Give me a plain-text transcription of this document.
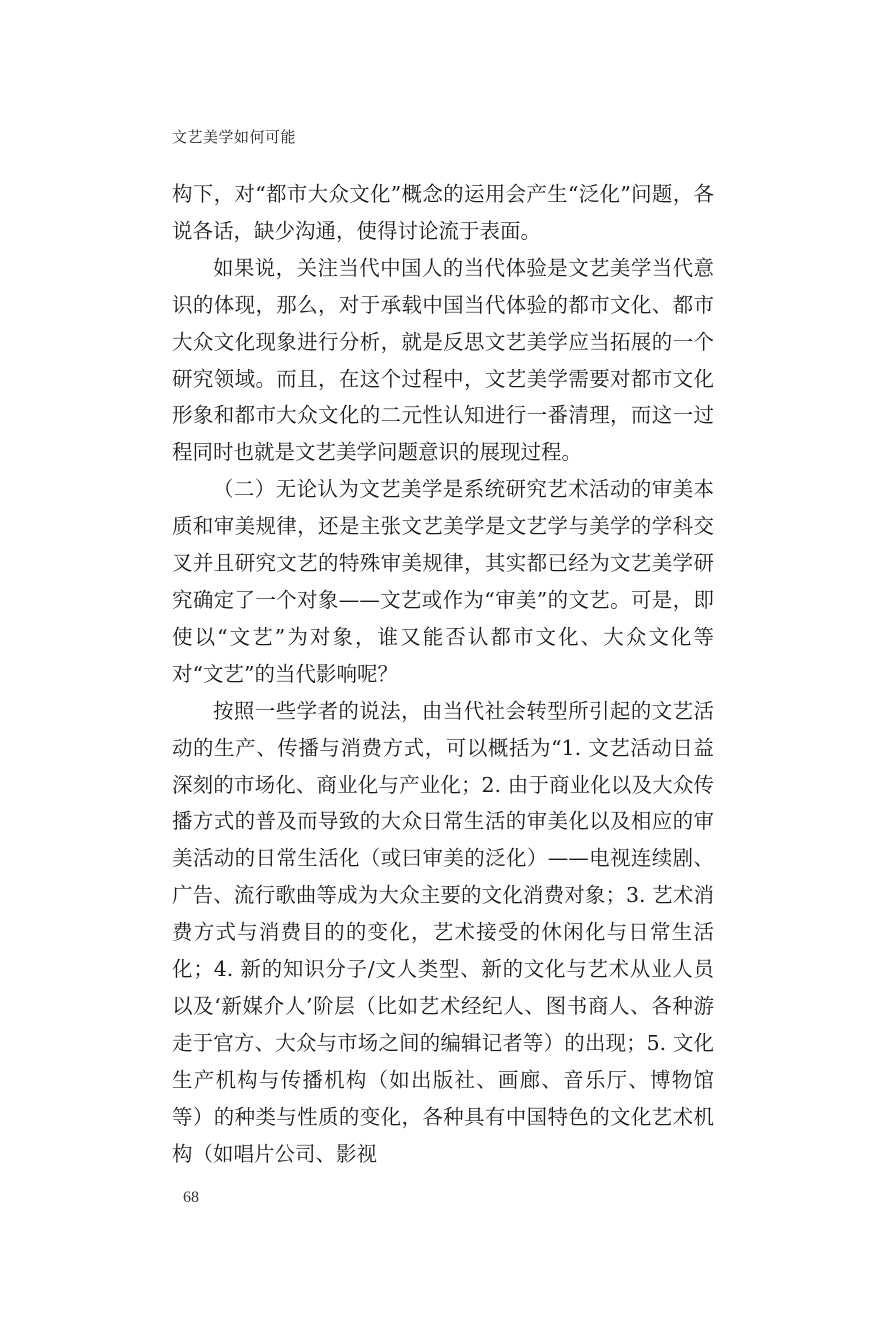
文艺美学如何可能

构下，对“都市大众文化”概念的运用会产生“泛化”问题，各说各话，缺少沟通，使得讨论流于表面。

如果说，关注当代中国人的当代体验是文艺美学当代意识的体现，那么，对于承载中国当代体验的都市文化、都市大众文化现象进行分析，就是反思文艺美学应当拓展的一个研究领域。而且，在这个过程中，文艺美学需要对都市文化形象和都市大众文化的二元性认知进行一番清理，而这一过程同时也就是文艺美学问题意识的展现过程。

（二）无论认为文艺美学是系统研究艺术活动的审美本质和审美规律，还是主张文艺美学是文艺学与美学的学科交叉并且研究文艺的特殊审美规律，其实都已经为文艺美学研究确定了一个对象——文艺或作为“审美”的文艺。可是，即使以“文艺”为对象，谁又能否认都市文化、大众文化等对“文艺”的当代影响呢？

按照一些学者的说法，由当代社会转型所引起的文艺活动的生产、传播与消费方式，可以概括为“1. 文艺活动日益深刻的市场化、商业化与产业化；2. 由于商业化以及大众传播方式的普及而导致的大众日常生活的审美化以及相应的审美活动的日常生活化（或曰审美的泛化）——电视连续剧、广告、流行歌曲等成为大众主要的文化消费对象；3. 艺术消费方式与消费目的的变化，艺术接受的休闲化与日常生活化；4. 新的知识分子/文人类型、新的文化与艺术从业人员以及‘新媒介人’阶层（比如艺术经纪人、图书商人、各种游走于官方、大众与市场之间的编辑记者等）的出现；5. 文化生产机构与传播机构（如出版社、画廊、音乐厅、博物馆等）的种类与性质的变化，各种具有中国特色的文化艺术机构（如唱片公司、影视

68
